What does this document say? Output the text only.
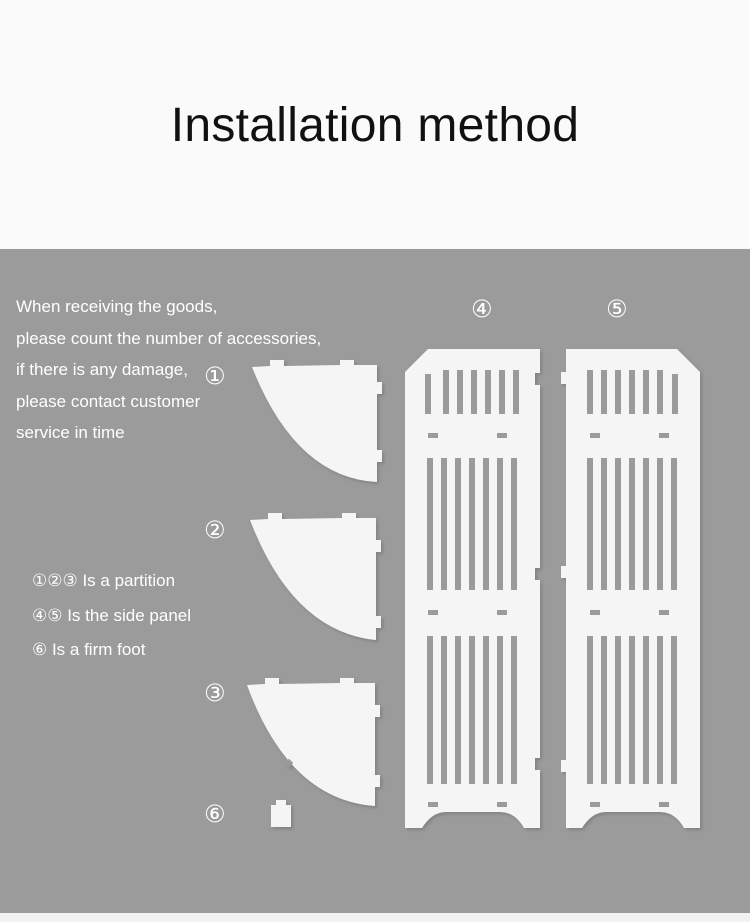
Installation method
When receiving the goods,
please count the number of accessories,
if there is any damage,
please contact customer
service in time
①②③ Is a partition
④⑤ Is the side panel
⑥ Is a firm foot
①
②
③
⑥
④	⑤
